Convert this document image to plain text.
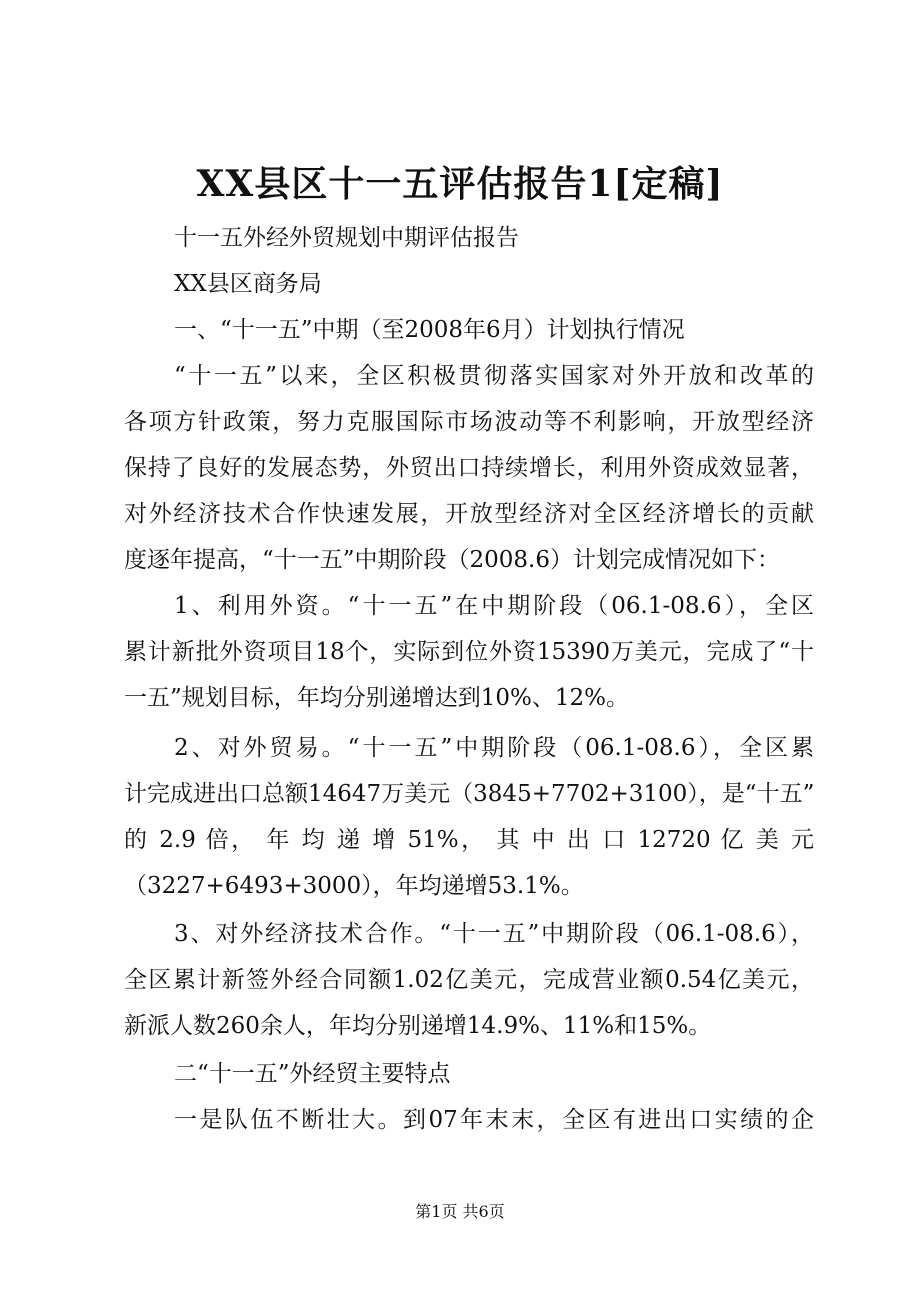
XX县区十一五评估报告1[定稿]
十一五外经外贸规划中期评估报告
XX县区商务局
一、“十一五”中期（至2008年6月）计划执行情况
“十一五”以来，全区积极贯彻落实国家对外开放和改革的
各项方针政策，努力克服国际市场波动等不利影响，开放型经济
保持了良好的发展态势，外贸出口持续增长，利用外资成效显著，
对外经济技术合作快速发展，开放型经济对全区经济增长的贡献
度逐年提高，“十一五”中期阶段（2008.6）计划完成情况如下：
1、利用外资。“十一五”在中期阶段（06.1-08.6），全区
累计新批外资项目18个，实际到位外资15390万美元，完成了“十
一五”规划目标，年均分别递增达到10%、12%。
2、对外贸易。“十一五”中期阶段（06.1-08.6），全区累
计完成进出口总额14647万美元（3845+7702+3100），是“十五”
的 2.9 倍， 年 均 递 增 51%， 其 中 出 口 12720 亿 美 元
（3227+6493+3000），年均递增53.1%。
3、对外经济技术合作。“十一五”中期阶段（06.1-08.6），
全区累计新签外经合同额1.02亿美元，完成营业额0.54亿美元，
新派人数260余人，年均分别递增14.9%、11%和15%。
二“十一五”外经贸主要特点
一是队伍不断壮大。到07年末末，全区有进出口实绩的企
第1页 共6页
